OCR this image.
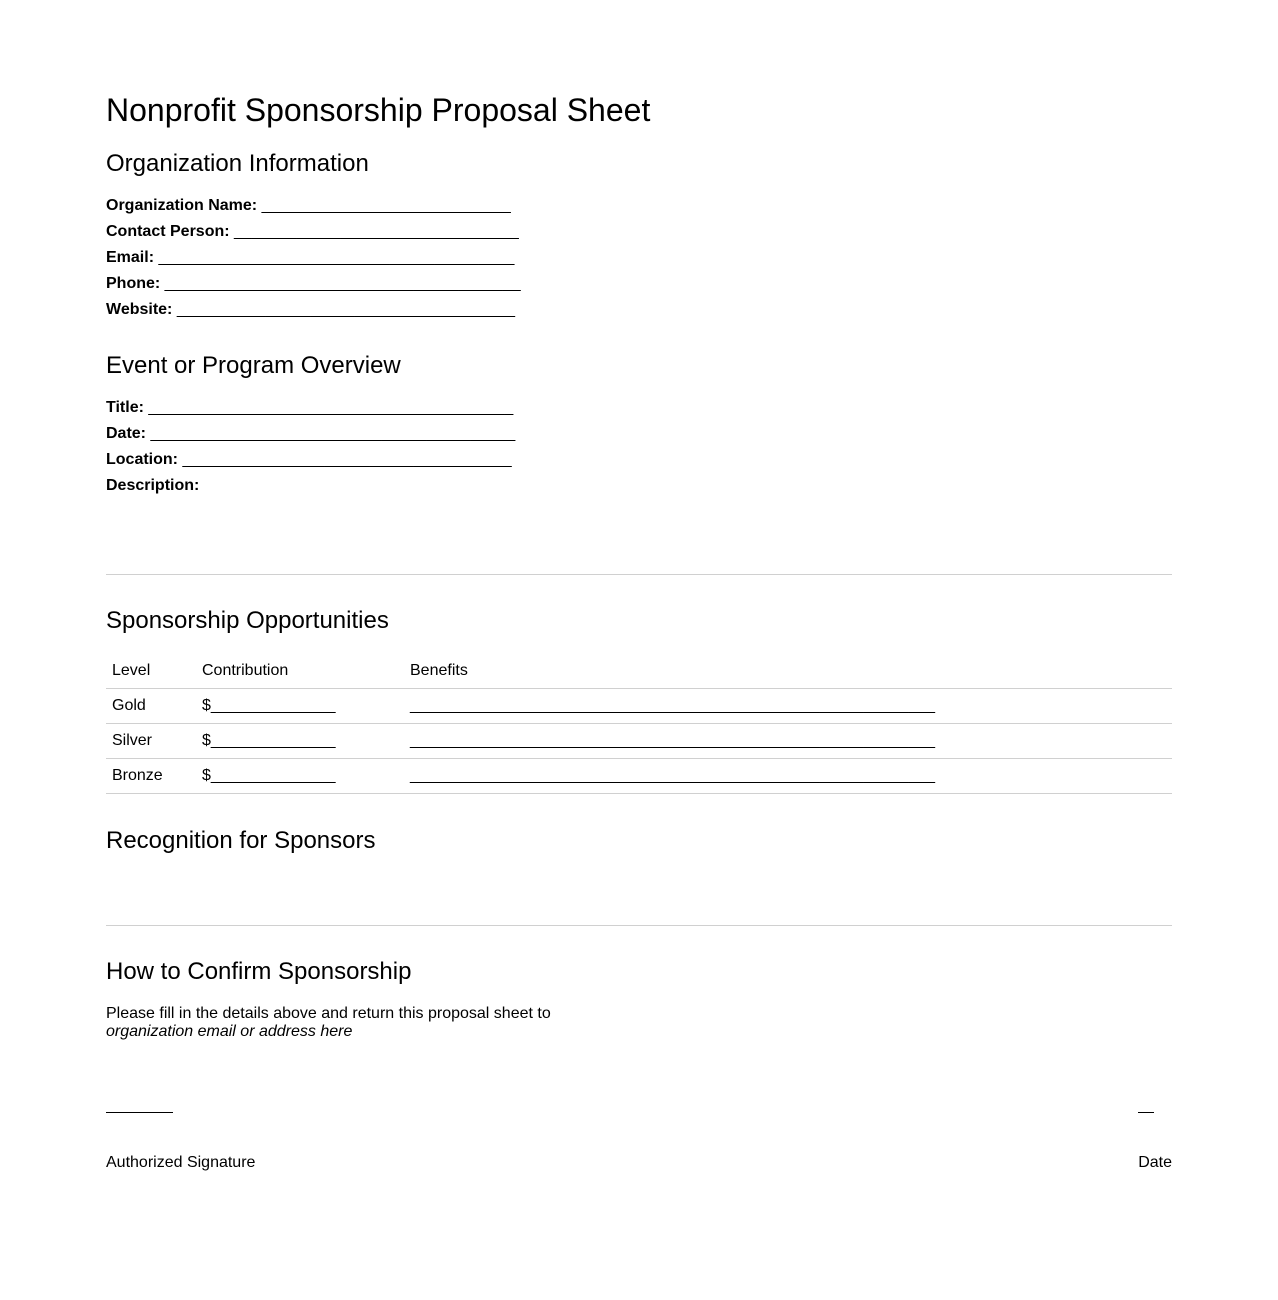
Nonprofit Sponsorship Proposal Sheet
Organization Information
Organization Name: ____________________________
Contact Person: ________________________________
Email: ________________________________________
Phone: ________________________________________
Website: ______________________________________
Event or Program Overview
Title: _________________________________________
Date: _________________________________________
Location: _____________________________________
Description:
Sponsorship Opportunities
Level	Contribution	Benefits
Gold	$______________	___________________________________________________________
Silver	$______________	___________________________________________________________
Bronze	$______________	___________________________________________________________
Recognition for Sponsors
How to Confirm Sponsorship
Please fill in the details above and return this proposal sheet to
organization email or address here
Authorized Signature	Date
